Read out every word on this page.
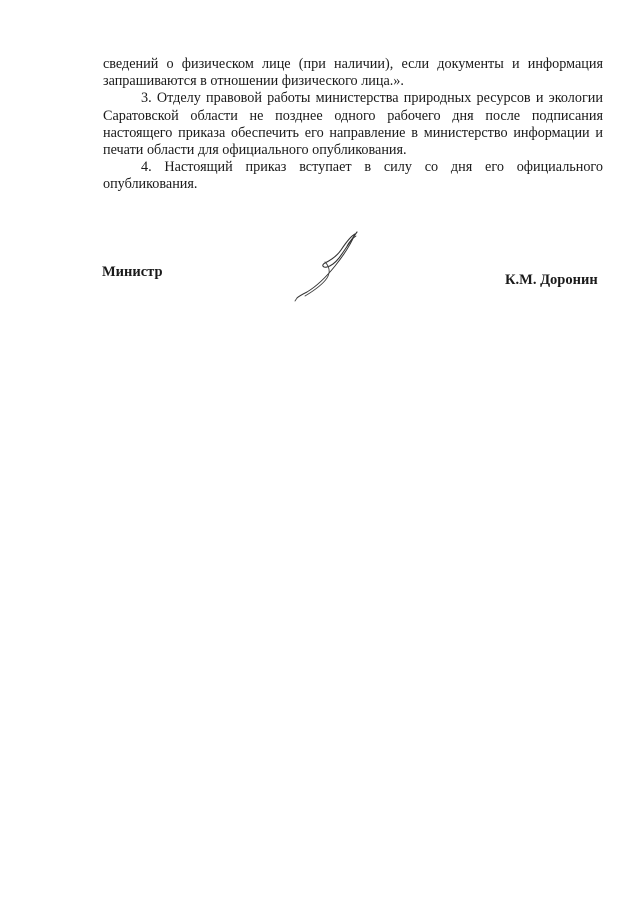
сведений о физическом лице (при наличии), если документы и информация запрашиваются в отношении физического лица.».

3. Отделу правовой работы министерства природных ресурсов и экологии Саратовской области не позднее одного рабочего дня после подписания настоящего приказа обеспечить его направление в министерство информации и печати области для официального опубликования.

4. Настоящий приказ вступает в силу со дня его официального опубликования.

Министр	К.М. Доронин
